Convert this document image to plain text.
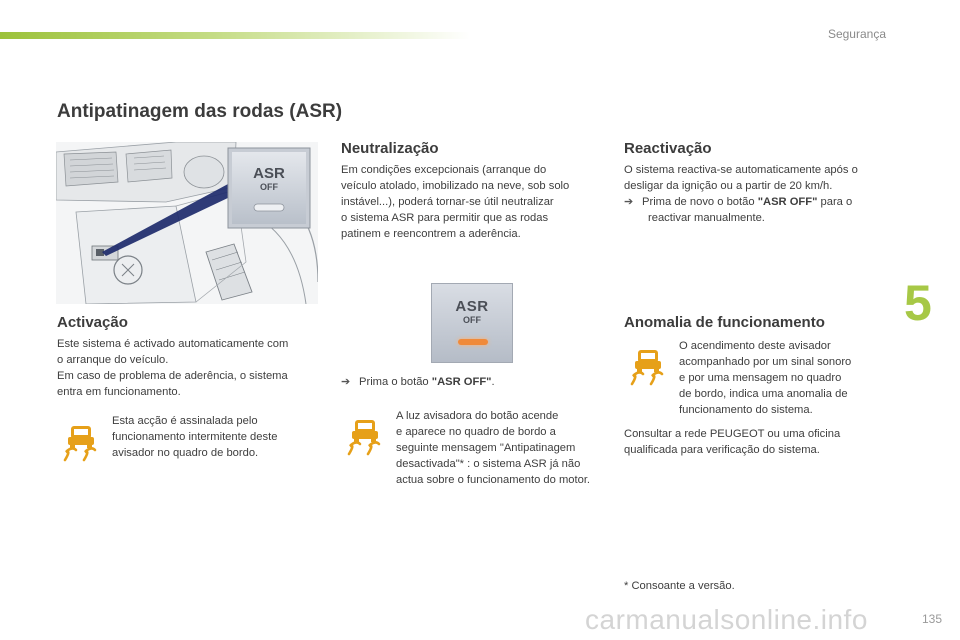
Segurança
Antipatinagem das rodas (ASR)
ASR
OFF
Activação

Este sistema é activado automaticamente com

o arranque do veículo.

Em caso de problema de aderência, o sistema

entra em funcionamento.

Esta acção é assinalada pelo

funcionamento intermitente deste

avisador no quadro de bordo.

Neutralização

Em condições excepcionais (arranque do

veículo atolado, imobilizado na neve, sob solo

instável...), poderá tornar-se útil neutralizar

o sistema ASR para permitir que as rodas

patinem e reencontrem a aderência.

ASR
OFF

➔ Prima o botão "ASR OFF".

A luz avisadora do botão acende

e aparece no quadro de bordo a

seguinte mensagem "Antipatinagem

desactivada"* : o sistema ASR já não

actua sobre o funcionamento do motor.

Reactivação

O sistema reactiva-se automaticamente após o

desligar da ignição ou a partir de 20 km/h.

➔ Prima de novo o botão "ASR OFF" para o

reactivar manualmente.

Anomalia de funcionamento

O acendimento deste avisador

acompanhado por um sinal sonoro

e por uma mensagem no quadro

de bordo, indica uma anomalia de

funcionamento do sistema.

Consultar a rede PEUGEOT ou uma oficina

qualificada para verificação do sistema.

* Consoante a versão.

5
carmanualsonline.info	135
